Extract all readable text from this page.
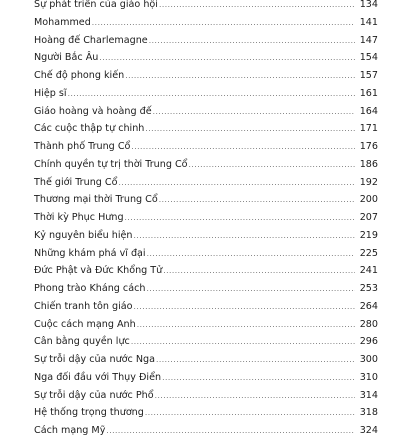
Sự phát triển của giáo hội .....	134
Mohammed .....	141
Hoàng đế Charlemagne .....	147
Người Bắc Âu .....	154
Chế độ phong kiến .....	157
Hiệp sĩ .....	161
Giáo hoàng và hoàng đế .....	164
Các cuộc thập tự chinh .....	171
Thành phố Trung Cổ .....	176
Chính quyền tự trị thời Trung Cổ .....	186
Thế giới Trung Cổ .....	192
Thương mại thời Trung Cổ .....	200
Thời kỳ Phục Hưng .....	207
Kỷ nguyên biểu hiện .....	219
Những khám phá vĩ đại .....	225
Đức Phật và Đức Khổng Tử .....	241
Phong trào Kháng cách .....	253
Chiến tranh tôn giáo .....	264
Cuộc cách mạng Anh .....	280
Cân bằng quyền lực .....	296
Sự trỗi dậy của nước Nga .....	300
Nga đối đầu với Thụy Điển .....	310
Sự trỗi dậy của nước Phổ .....	314
Hệ thống trọng thương .....	318
Cách mạng Mỹ .....	324
